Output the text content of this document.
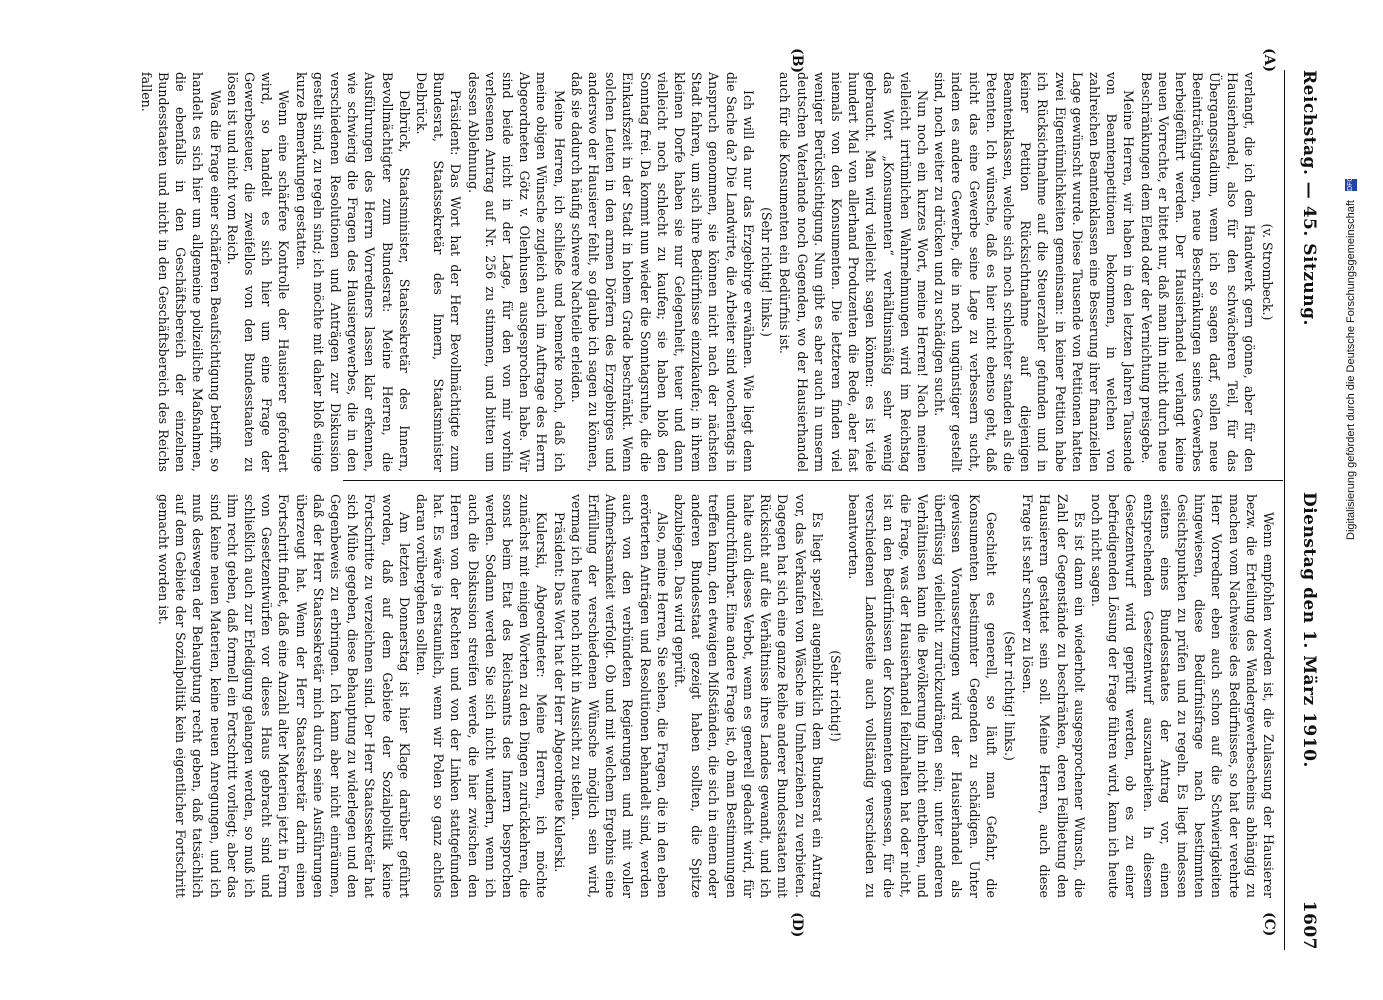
Reichstag. — 45. Sitzung.
Dienstag den 1. März 1910.  1607
(A)
(B)
(C)
(D)

(v. Strombeck.)

verlangt, die ich dem Handwerk gern gönne, aber für den Hausierhandel, also für den schwächeren Teil, für das Übergangsstadium, wenn ich so sagen darf, sollen neue Beeinträchtigungen, neue Beschränkungen seines Gewerbes herbeigeführt werden. Der Hausierhandel verlangt keine neuen Vorrechte, er bittet nur, daß man ihn nicht durch neue Beschränkungen dem Elend oder der Vernichtung preisgebe.

Meine Herren, wir haben in den letzten Jahren Tausende von Beamtenpetitionen bekommen, in welchen von zahlreichen Beamtenklassen eine Besserung ihrer finanziellen Lage gewünscht wurde. Diese Tausende von Petitionen hatten zwei Eigentümlichkeiten gemeinsam: in keiner Petition habe ich Rücksichtnahme auf die Steuerzahler gefunden und in keiner Petition Rücksichtnahme auf diejenigen Beamtenklassen, welche sich noch schlechter standen als die Petenten. Ich wünsche, daß es hier nicht ebenso geht, daß nicht das eine Gewerbe seine Lage zu verbessern sucht, indem es andere Gewerbe, die in noch ungünstiger gestellt sind, noch weiter zu drücken und zu schädigen sucht.

Nun noch ein kurzes Wort, meine Herren! Nach meinen vielleicht irrtümlichen Wahrnehmungen wird im Reichstag das Wort „Konsumenten“ verhältnismäßig sehr wenig gebraucht. Man wird vielleicht sagen können: es ist viele hundert Mal von allerhand Produzenten die Rede, aber fast niemals von den Konsumenten. Die letzteren finden viel weniger Berücksichtigung. Nun gibt es aber auch in unserm deutschen Vaterlande noch Gegenden, wo der Hausierhandel auch für die Konsumenten ein Bedürfnis ist.

(Sehr richtig! links.)

Ich will da nur das Erzgebirge erwähnen. Wie liegt denn die Sache da? Die Landwirte, die Arbeiter sind wochentags in Anspruch genommen, sie können nicht nach der nächsten Stadt fahren, um sich ihre Bedürfnisse einzukaufen; in ihrem kleinen Dorfe haben sie nur Gelegenheit, teuer und dann vielleicht noch schlecht zu kaufen; sie haben bloß den Sonntag frei. Da kommt nun wieder die Sonntagsruhe, die die Einkaufszeit in der Stadt in hohem Grade beschränkt. Wenn solchen Leuten in den armen Dörfern des Erzgebirges und anderswo der Hausierer fehlt, so glaube ich sagen zu können, daß sie dadurch häufig schwere Nachteile erleiden.

Meine Herren, ich schließe und bemerke noch, daß ich meine obigen Wünsche zugleich auch im Auftrage des Herrn Abgeordneten Götz v. Olenhusen ausgesprochen habe. Wir sind beide nicht in der Lage, für den von mir vorhin verlesenen Antrag auf Nr. 256 zu stimmen, und bitten um dessen Ablehnung.

Präsident: Das Wort hat der Herr Bevollmächtigte zum Bundesrat, Staatssekretär des Innern, Staatsminister Delbrück.

Delbrück, Staatsminister, Staatssekretär des Innern, Bevollmächtigter zum Bundesrat: Meine Herren, die Ausführungen des Herrn Vorredners lassen klar erkennen, wie schwierig die Fragen des Hausiergewerbes, die in den verschiedenen Resolutionen und Anträgen zur Diskussion gestellt sind, zu regeln sind; ich möchte mit daher bloß einige kurze Bemerkungen gestatten.

Wenn eine schärfere Kontrolle der Hausierer gefordert wird, so handelt es sich hier um eine Frage der Gewerbesteuer, die zweifellos von den Bundesstaaten zu lösen ist und nicht vom Reich.

Was die Frage einer schärferen Beaufsichtigung betrifft, so handelt es sich hier um allgemeine polizeiliche Maßnahmen, die ebenfalls in den Geschäftsbereich der einzelnen Bundesstaaten und nicht in den Geschäftsbereich des Reichs fallen.

Wenn empfohlen worden ist, die Zulassung der Hausierer bezw. die Erteilung des Wandergewerbescheins abhängig zu machen vom Nachweise des Bedürfnisses, so hat der verehrte Herr Vorredner eben auch schon auf die Schwierigkeiten hingewiesen, diese Bedürfnisfrage nach bestimmten Gesichtspunkten zu prüfen und zu regeln. Es liegt indessen seitens eines Bundesstaates der Antrag vor, einen entsprechenden Gesetzentwurf auszuarbeiten. In diesem Gesetzentwurf wird geprüft werden, ob es zu einer befriedigenden Lösung der Frage führen wird, kann ich heute noch nicht sagen.

Es ist dann ein wiederholt ausgesprochener Wunsch, die Zahl der Gegenstände zu beschränken, deren Feilbietung den Hausierern gestattet sein soll. Meine Herren, auch diese Frage ist sehr schwer zu lösen.

(Sehr richtig! links.)

Geschieht es generell, so läuft man Gefahr, die Konsumenten bestimmter Gegenden zu schädigen. Unter gewissen Voraussetzungen wird der Hausierhandel als überflüssig vielleicht zurückzudrängen sein; unter anderen Verhältnissen kann die Bevölkerung ihn nicht entbehren, und die Frage, was der Hausierhandel feilzuhalten hat oder nicht, ist an den Bedürfnissen der Konsumenten gemessen, für die verschiedenen Landesteile auch vollständig verschieden zu beantworten.

(Sehr richtig!)

Es liegt speziell augenblicklich dem Bundesrat ein Antrag vor, das Verkaufen von Wäsche im Umherziehen zu verbieten. Dagegen hat sich eine ganze Reihe anderer Bundesstaaten mit Rücksicht auf die Verhältnisse ihres Landes gewandt, und ich halte auch dieses Verbot, wenn es generell gedacht wird, für undurchführbar. Eine andere Frage ist, ob man Bestimmungen treffen kann, den etwaigen Mißständen, die sich in einem oder anderen Bundesstaat gezeigt haben sollten, die Spitze abzubiegen. Das wird geprüft.

Also, meine Herren, Sie sehen, die Fragen, die in den eben erörterten Anträgen und Resolutionen behandelt sind, werden auch von den verbündeten Regierungen und mit voller Aufmerksamkeit verfolgt. Ob und mit welchem Ergebnis eine Erfüllung der verschiedenen Wünsche möglich sein wird, vermag ich heute noch nicht in Aussicht zu stellen.

Präsident: Das Wort hat der Herr Abgeordnete Kulerski.

Kulerski, Abgeordneter: Meine Herren, ich möchte zunächst mit einigen Worten zu den Dingen zurückkehren, die sonst beim Etat des Reichsamts des Innern besprochen werden. Sodann werden Sie sich nicht wundern, wenn ich auch die Diskussion streifen werde, die hier zwischen den Herren von der Rechten und von der Linken stattgefunden hat. Es wäre ja erstaunlich, wenn wir Polen so ganz achtlos daran vorübergehen sollten.

Am letzten Donnerstag ist hier Klage darüber geführt worden, daß auf dem Gebiete der Sozialpolitik keine Fortschritte zu verzeichnen sind. Der Herr Staatssekretär hat sich Mühe gegeben, diese Behauptung zu widerlegen und den Gegenbeweis zu erbringen. Ich kann aber nicht einräumen, daß der Herr Staatssekretär mich durch seine Ausführungen überzeugt hat. Wenn der Herr Staatssekretär darin einen Fortschritt findet, daß eine Anzahl alter Materien jetzt in Form von Gesetzentwürfen vor dieses Haus gebracht sind und schließlich auch zur Erledigung gelangen werden, so muß ich ihm recht geben, daß formell ein Fortschritt vorliegt; aber das sind keine neuen Materien, keine neuen Anregungen, und ich muß deswegen der Behauptung recht geben, daß tatsächlich auf dem Gebiete der Sozialpolitik kein eigentlicher Fortschritt gemacht worden ist.

Digitalisierung gefördert durch die Deutsche Forschungsgemeinschaft DFG
